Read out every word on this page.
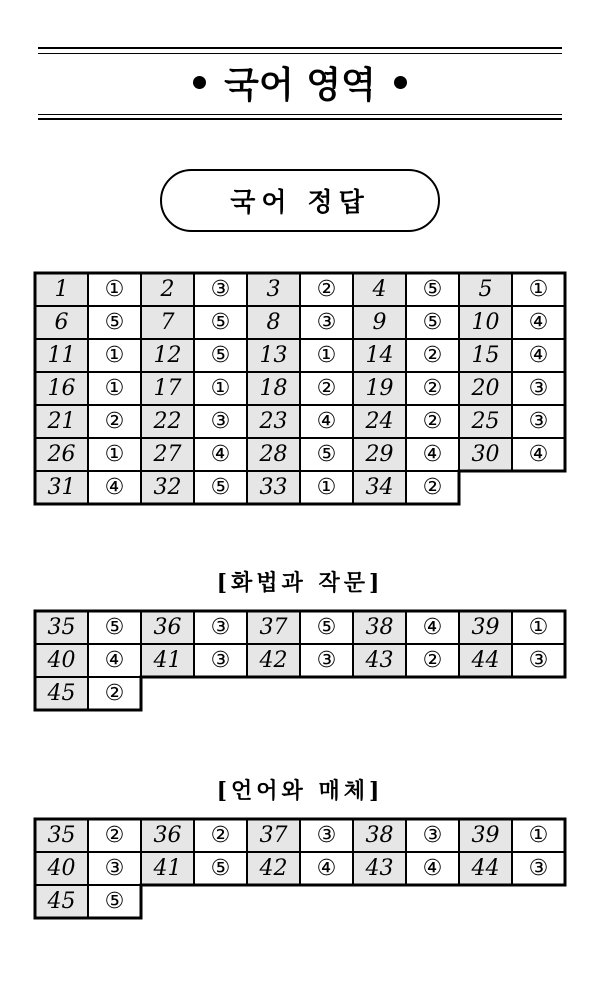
국어 영역
국어 정답
1	①	2	③	3	②	4	⑤	5	①
6	⑤	7	⑤	8	③	9	⑤	10	④
11	①	12	⑤	13	①	14	②	15	④
16	①	17	①	18	②	19	②	20	③
21	②	22	③	23	④	24	②	25	③
26	①	27	④	28	⑤	29	④	30	④
31	④	32	⑤	33	①	34	②
[화법과 작문]
35	⑤	36	③	37	⑤	38	④	39	①
40	④	41	③	42	③	43	②	44	③
45	②
[언어와 매체]
35	②	36	②	37	③	38	③	39	①
40	③	41	⑤	42	④	43	④	44	③
45	⑤
